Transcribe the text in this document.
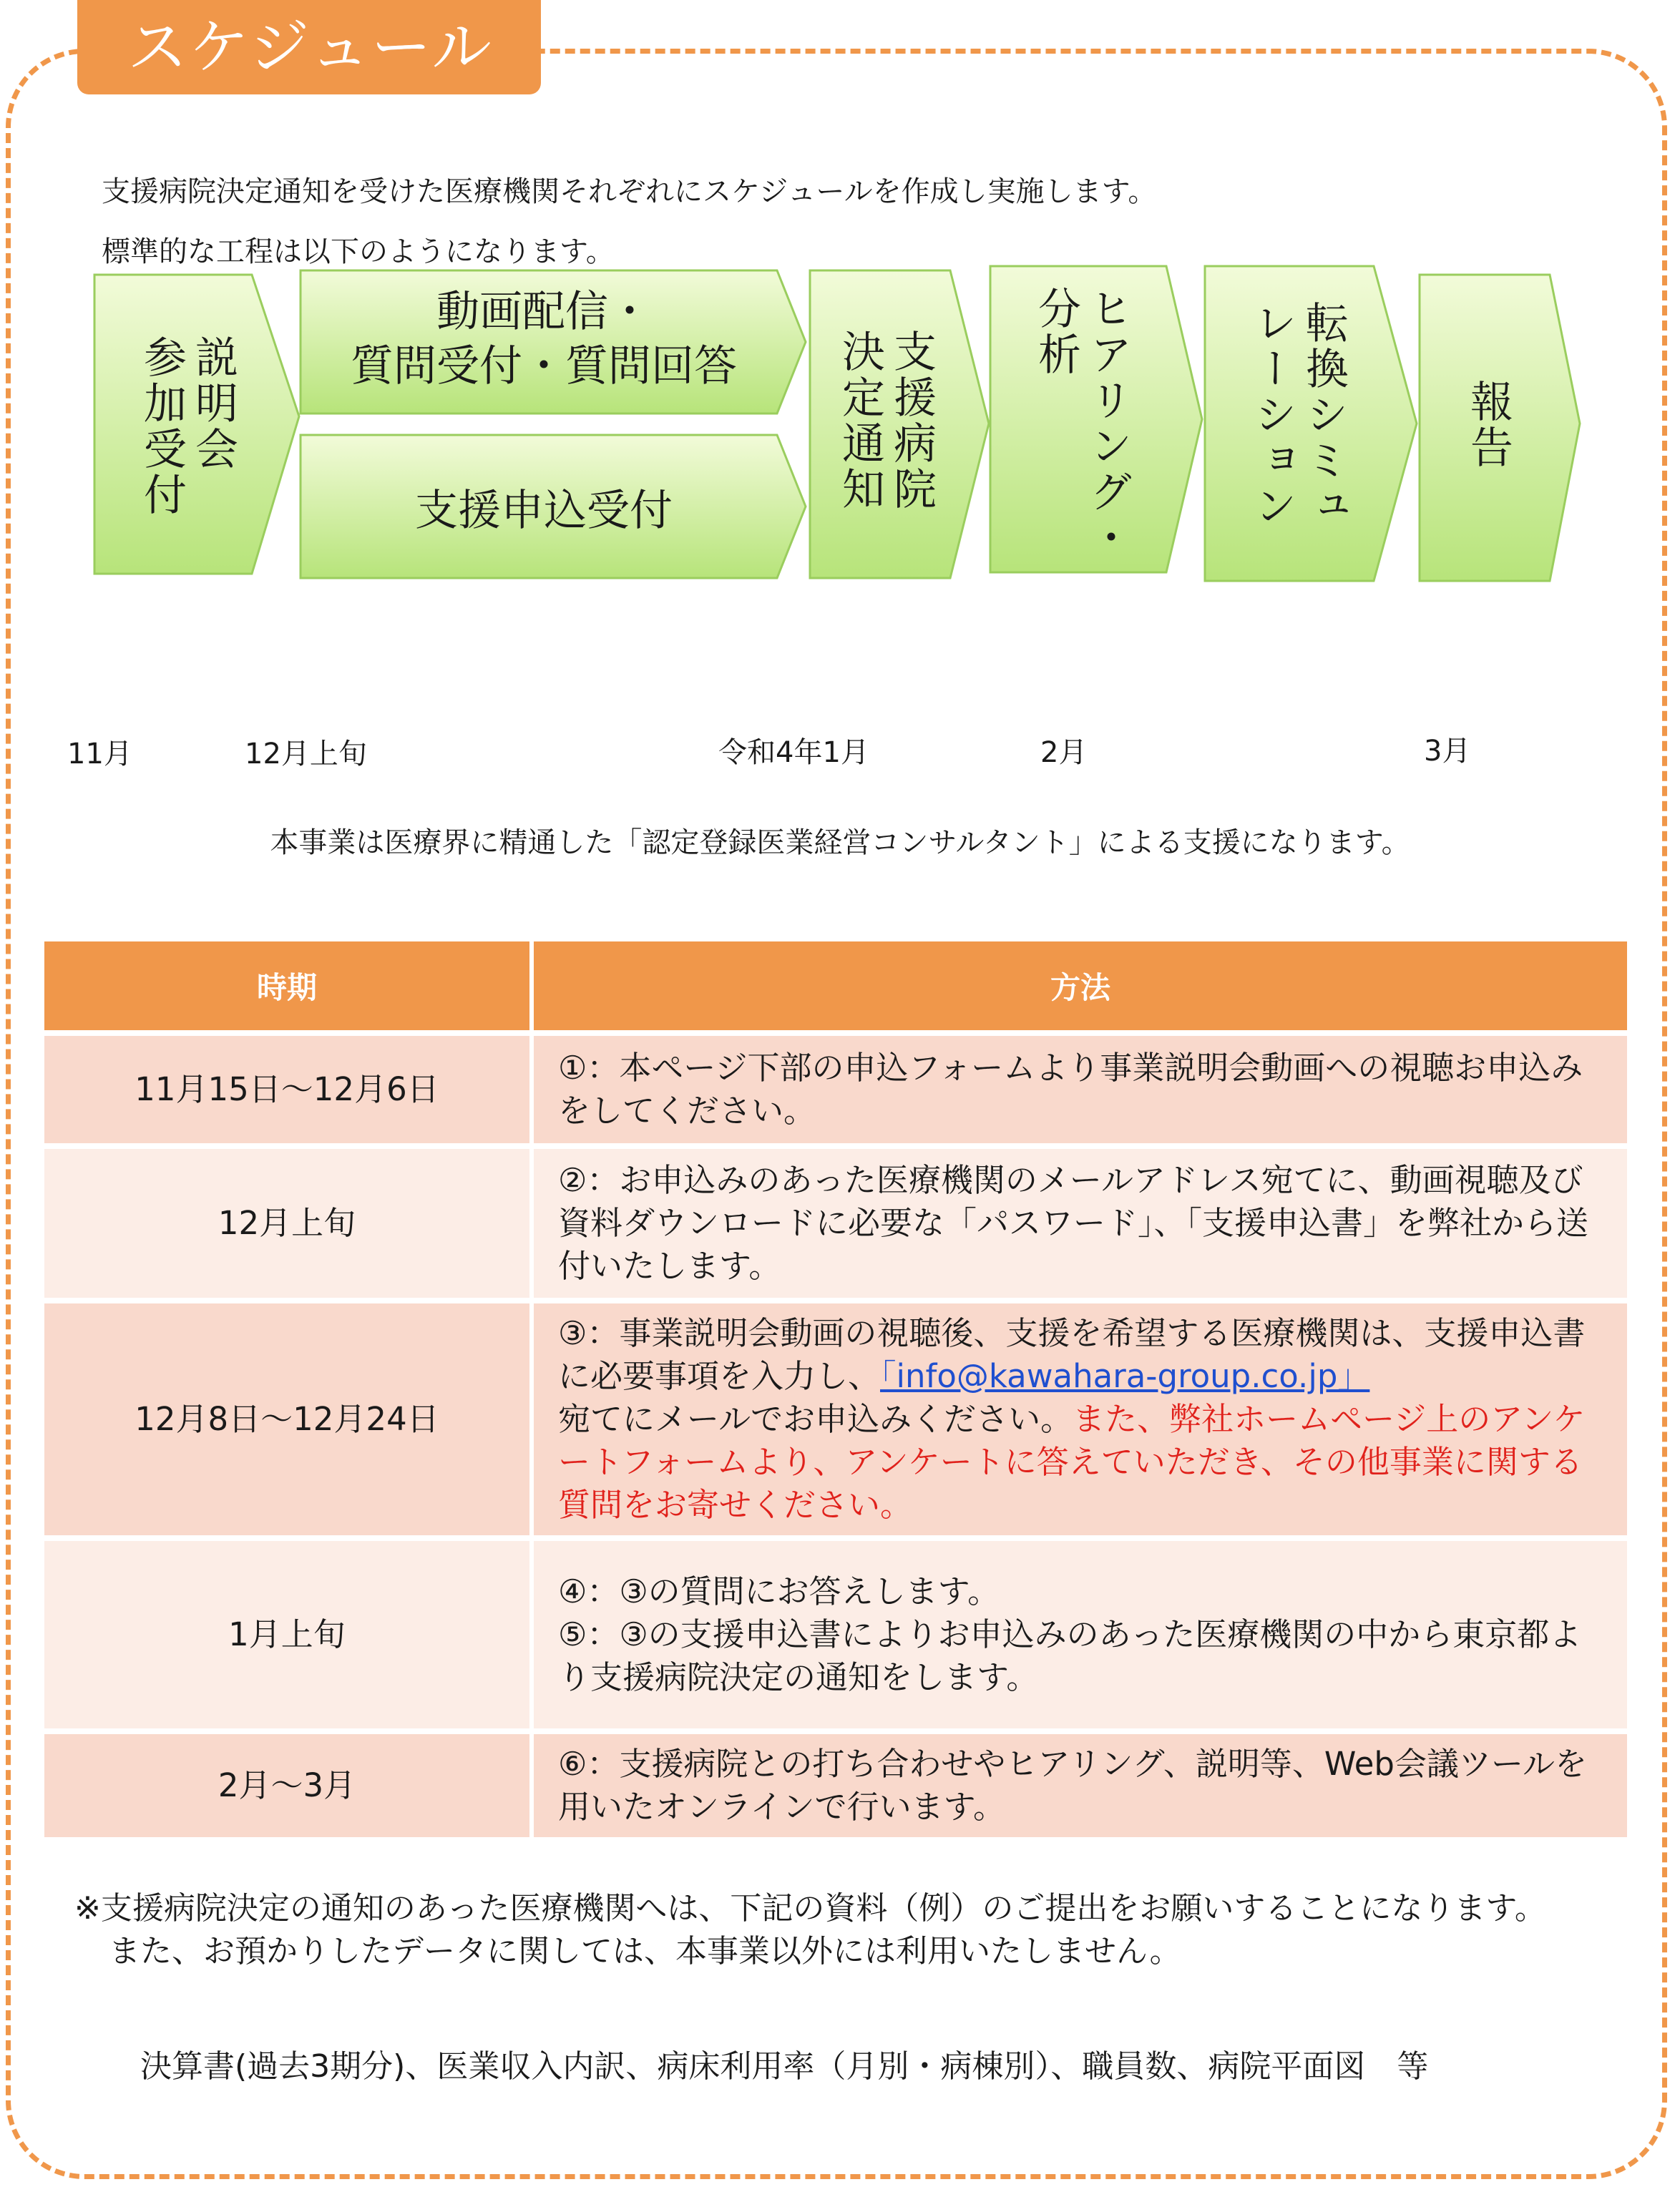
スケジュール
支援病院決定通知を受けた医療機関それぞれにスケジュールを作成し実施します。
標準的な工程は以下のようになります。
説明会
参加受付
動画配信・
質問受付・質問回答
支援申込受付	支援病院
決定通知	ヒアリング・
分析	転換シミュ
レーション	報告
11月	12月上旬	令和4年1月	2月	3月
本事業は医療界に精通した「認定登録医業経営コンサルタント」による支援になります。
時期	方法
11月15日～12月6日	①：本ページ下部の申込フォームより事業説明会動画への視聴お申込みをしてください。
12月上旬	②：お申込みのあった医療機関のメールアドレス宛てに、動画視聴及び資料ダウンロードに必要な「パスワード」、「支援申込書」を弊社から送付いたします。
12月8日～12月24日	③：事業説明会動画の視聴後、支援を希望する医療機関は、支援申込書に必要事項を入力し、「info@kawahara-group.co.jp」
宛てにメールでお申込みください。また、弊社ホームページ上のアンケートフォームより、アンケートに答えていただき、その他事業に関する質問をお寄せください。
1月上旬	④：③の質問にお答えします。
⑤：③の支援申込書によりお申込みのあった医療機関の中から東京都より支援病院決定の通知をします。

2月～3月	⑥：支援病院との打ち合わせやヒアリング、説明等、Web会議ツールを用いたオンラインで行います。
※支援病院決定の通知のあった医療機関へは、下記の資料（例）のご提出をお願いすることになります。
また、お預かりしたデータに関しては、本事業以外には利用いたしません。
決算書(過去3期分)、医業収入内訳、病床利用率（月別・病棟別）、職員数、病院平面図　等
